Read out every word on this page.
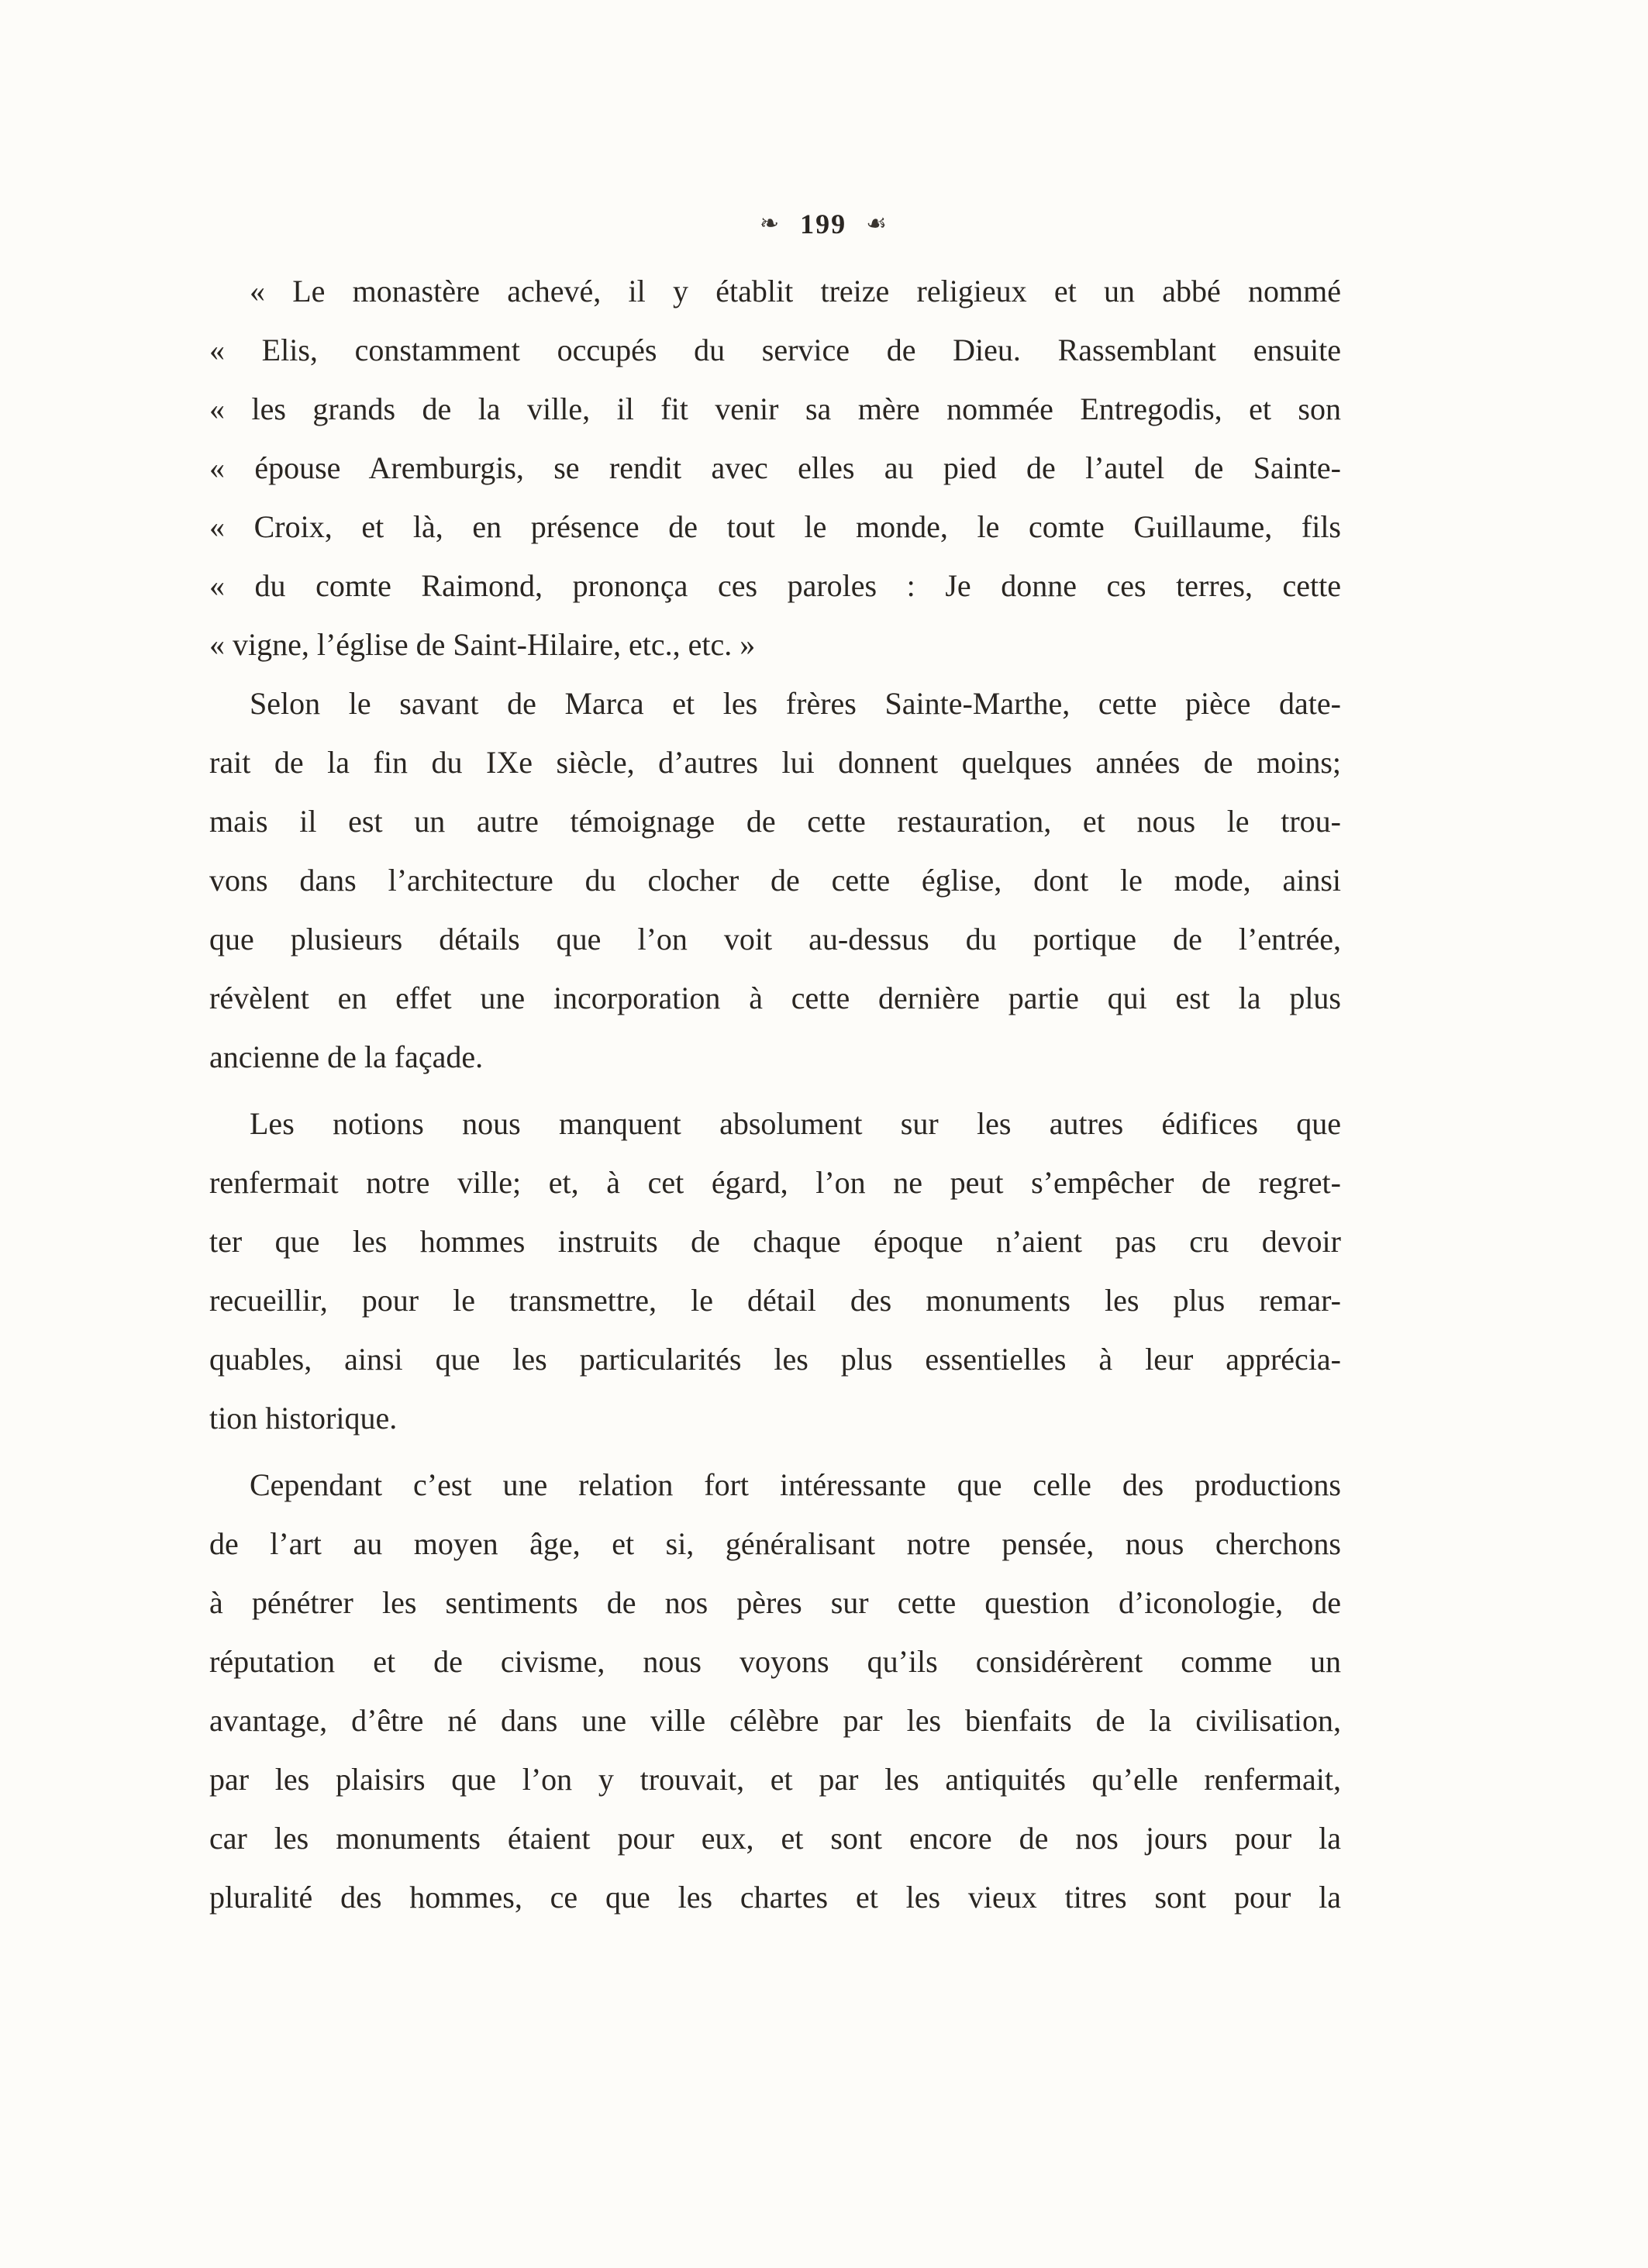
❧ 199 ☙
« Le monastère achevé, il y établit treize religieux et un abbé nommé
« Elis, constamment occupés du service de Dieu. Rassemblant ensuite
« les grands de la ville, il fit venir sa mère nommée Entregodis, et son
« épouse Aremburgis, se rendit avec elles au pied de l’autel de Sainte-
« Croix, et là, en présence de tout le monde, le comte Guillaume, fils
« du comte Raimond, prononça ces paroles : Je donne ces terres, cette
« vigne, l’église de Saint-Hilaire, etc., etc. »
Selon le savant de Marca et les frères Sainte-Marthe, cette pièce date-
rait de la fin du IXe siècle, d’autres lui donnent quelques années de moins;
mais il est un autre témoignage de cette restauration, et nous le trou-
vons dans l’architecture du clocher de cette église, dont le mode, ainsi
que plusieurs détails que l’on voit au-dessus du portique de l’entrée,
révèlent en effet une incorporation à cette dernière partie qui est la plus
ancienne de la façade.
Les notions nous manquent absolument sur les autres édifices que
renfermait notre ville; et, à cet égard, l’on ne peut s’empêcher de regret-
ter que les hommes instruits de chaque époque n’aient pas cru devoir
recueillir, pour le transmettre, le détail des monuments les plus remar-
quables, ainsi que les particularités les plus essentielles à leur apprécia-
tion historique.
Cependant c’est une relation fort intéressante que celle des productions
de l’art au moyen âge, et si, généralisant notre pensée, nous cherchons
à pénétrer les sentiments de nos pères sur cette question d’iconologie, de
réputation et de civisme, nous voyons qu’ils considérèrent comme un
avantage, d’être né dans une ville célèbre par les bienfaits de la civilisation,
par les plaisirs que l’on y trouvait, et par les antiquités qu’elle renfermait,
car les monuments étaient pour eux, et sont encore de nos jours pour la
pluralité des hommes, ce que les chartes et les vieux titres sont pour la
